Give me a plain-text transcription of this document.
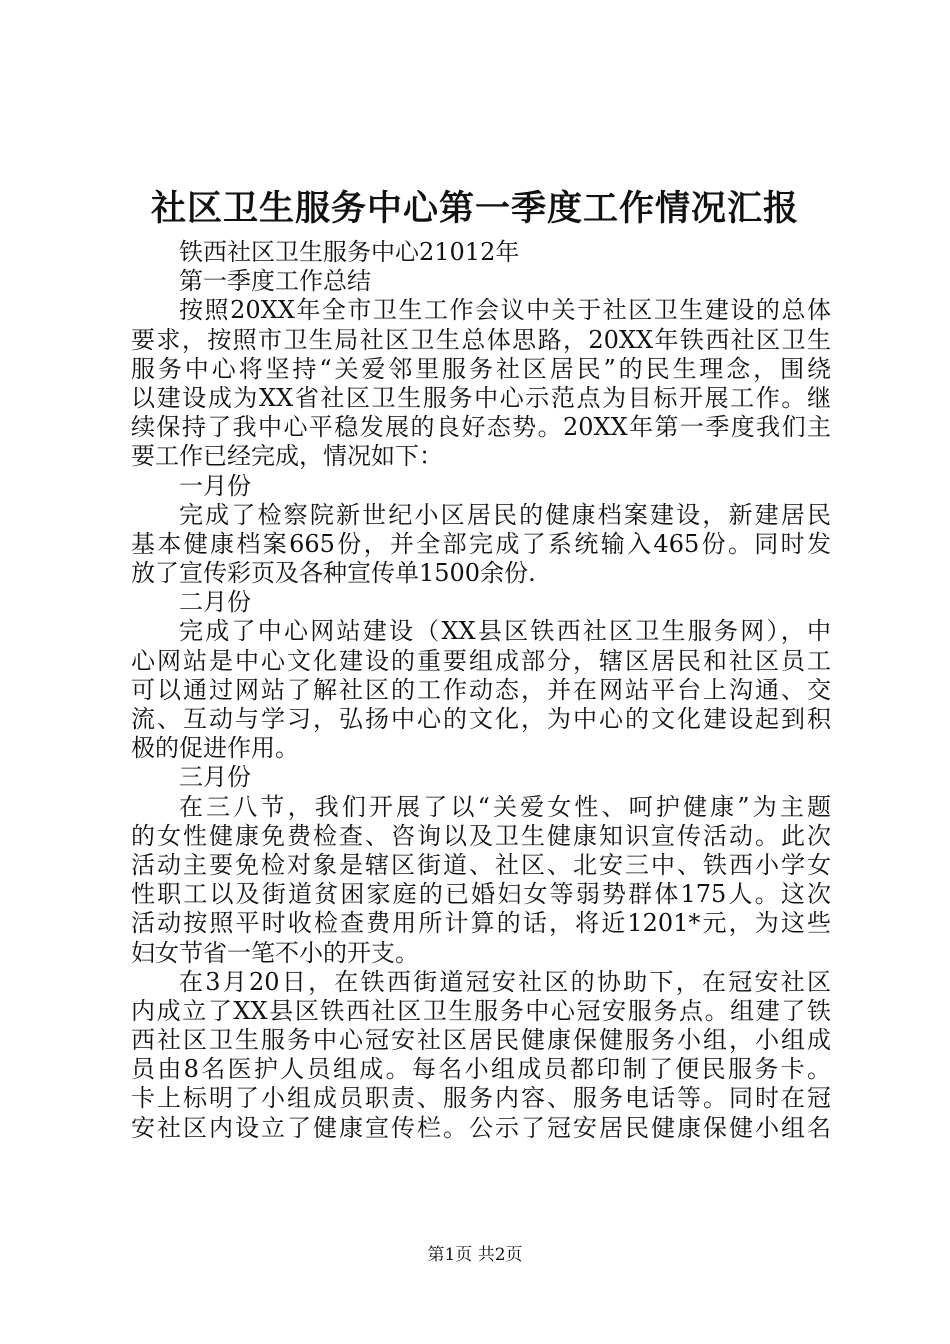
社区卫生服务中心第一季度工作情况汇报
铁西社区卫生服务中心21012年
第一季度工作总结
按照20XX年全市卫生工作会议中关于社区卫生建设的总体
要求，按照市卫生局社区卫生总体思路，20XX年铁西社区卫生
服务中心将坚持“关爱邻里服务社区居民”的民生理念，围绕
以建设成为XX省社区卫生服务中心示范点为目标开展工作。继
续保持了我中心平稳发展的良好态势。20XX年第一季度我们主
要工作已经完成，情况如下：
一月份
完成了检察院新世纪小区居民的健康档案建设，新建居民
基本健康档案665份，并全部完成了系统输入465份。同时发
放了宣传彩页及各种宣传单1500余份.
二月份
完成了中心网站建设（XX县区铁西社区卫生服务网），中
心网站是中心文化建设的重要组成部分，辖区居民和社区员工
可以通过网站了解社区的工作动态，并在网站平台上沟通、交
流、互动与学习，弘扬中心的文化，为中心的文化建设起到积
极的促进作用。
三月份
在三八节，我们开展了以“关爱女性、呵护健康”为主题
的女性健康免费检查、咨询以及卫生健康知识宣传活动。此次
活动主要免检对象是辖区街道、社区、北安三中、铁西小学女
性职工以及街道贫困家庭的已婚妇女等弱势群体175人。这次
活动按照平时收检查费用所计算的话，将近1201*元，为这些
妇女节省一笔不小的开支。
在3月20日，在铁西街道冠安社区的协助下，在冠安社区
内成立了XX县区铁西社区卫生服务中心冠安服务点。组建了铁
西社区卫生服务中心冠安社区居民健康保健服务小组，小组成
员由8名医护人员组成。每名小组成员都印制了便民服务卡。
卡上标明了小组成员职责、服务内容、服务电话等。同时在冠
安社区内设立了健康宣传栏。公示了冠安居民健康保健小组名
第1页 共2页
